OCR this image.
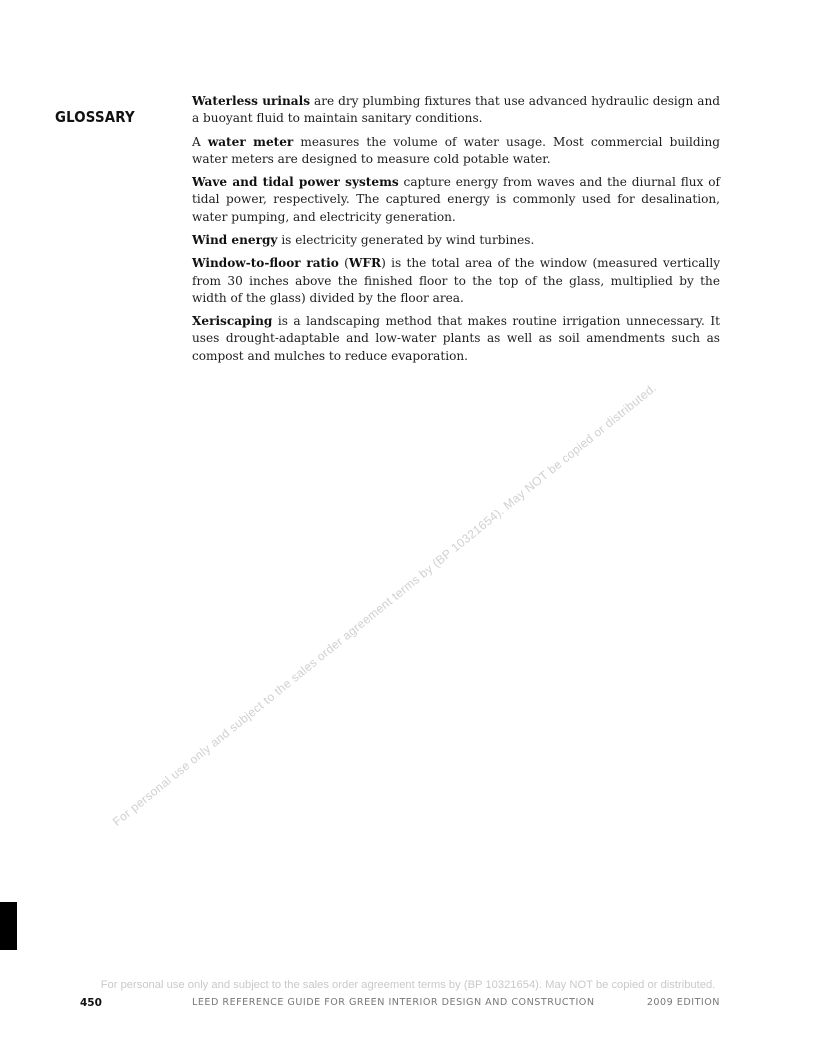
GLOSSARY

Waterless urinals are dry plumbing fixtures that use advanced hydraulic design and a buoyant fluid to maintain sanitary conditions.

A water meter measures the volume of water usage. Most commercial building water meters are designed to measure cold potable water.

Wave and tidal power systems capture energy from waves and the diurnal flux of tidal power, respectively. The captured energy is commonly used for desalination, water pumping, and electricity generation.

Wind energy is electricity generated by wind turbines.

Window-to-floor ratio (WFR) is the total area of the window (measured vertically from 30 inches above the finished floor to the top of the glass, multiplied by the width of the glass) divided by the floor area.

Xeriscaping is a landscaping method that makes routine irrigation unnecessary. It uses drought-adaptable and low-water plants as well as soil amendments such as compost and mulches to reduce evaporation.

For personal use only and subject to the sales order agreement terms by (BP 10321654). May NOT be copied or distributed.
For personal use only and subject to the sales order agreement terms by (BP 10321654). May NOT be copied or distributed.
450	LEED REFERENCE GUIDE FOR GREEN INTERIOR DESIGN AND CONSTRUCTION	2009 EDITION
